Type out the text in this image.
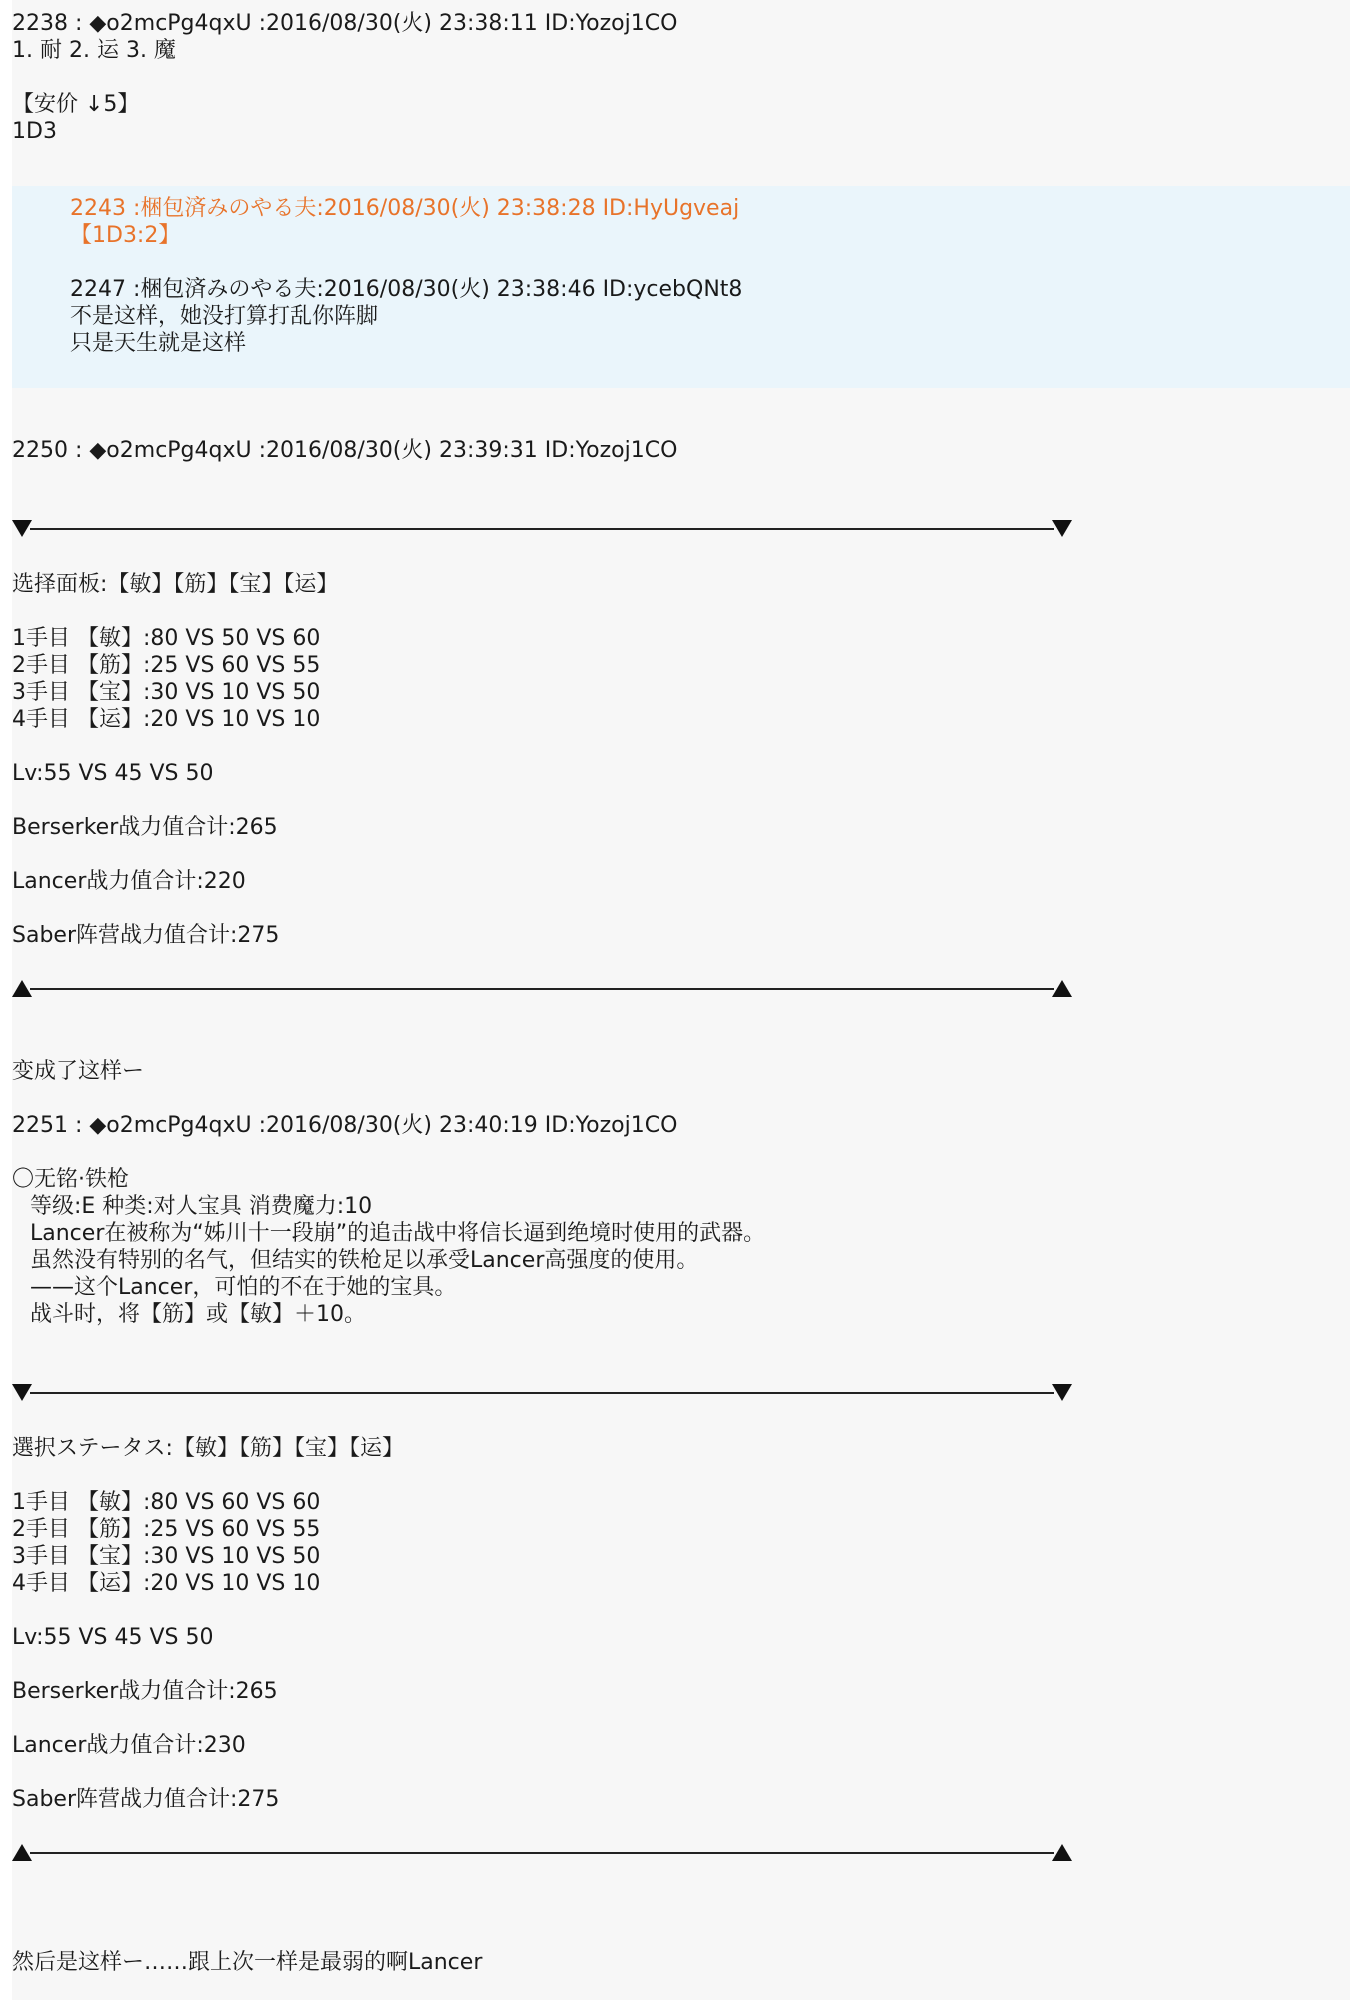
2238 : ◆o2mcPg4qxU :2016/08/30(火) 23:38:11 ID:Yozoj1CO
1. 耐 2. 运 3. 魔
【安价 ↓5】
1D3
2243 :梱包済みのやる夫:2016/08/30(火) 23:38:28 ID:HyUgveaj
【1D3:2】
2247 :梱包済みのやる夫:2016/08/30(火) 23:38:46 ID:ycebQNt8
不是这样，她没打算打乱你阵脚
只是天生就是这样
2250 : ◆o2mcPg4qxU :2016/08/30(火) 23:39:31 ID:Yozoj1CO
选择面板:【敏】【筋】【宝】【运】
1手目 【敏】:80 VS 50 VS 60
2手目 【筋】:25 VS 60 VS 55
3手目 【宝】:30 VS 10 VS 50
4手目 【运】:20 VS 10 VS 10
Lv:55 VS 45 VS 50
Berserker战力值合计:265
Lancer战力值合计:220
Saber阵营战力值合计:275
变成了这样ー
2251 : ◆o2mcPg4qxU :2016/08/30(火) 23:40:19 ID:Yozoj1CO
〇无铭·铁枪
等级:E 种类:对人宝具 消费魔力:10
Lancer在被称为“姊川十一段崩”的追击战中将信长逼到绝境时使用的武器。
虽然没有特别的名气，但结实的铁枪足以承受Lancer高强度的使用。
——这个Lancer，可怕的不在于她的宝具。
战斗时，将【筋】或【敏】＋10。
選択ステータス:【敏】【筋】【宝】【运】
1手目 【敏】:80 VS 60 VS 60
2手目 【筋】:25 VS 60 VS 55
3手目 【宝】:30 VS 10 VS 50
4手目 【运】:20 VS 10 VS 10
Lv:55 VS 45 VS 50
Berserker战力值合计:265
Lancer战力值合计:230
Saber阵营战力值合计:275
然后是这样ー……跟上次一样是最弱的啊Lancer
